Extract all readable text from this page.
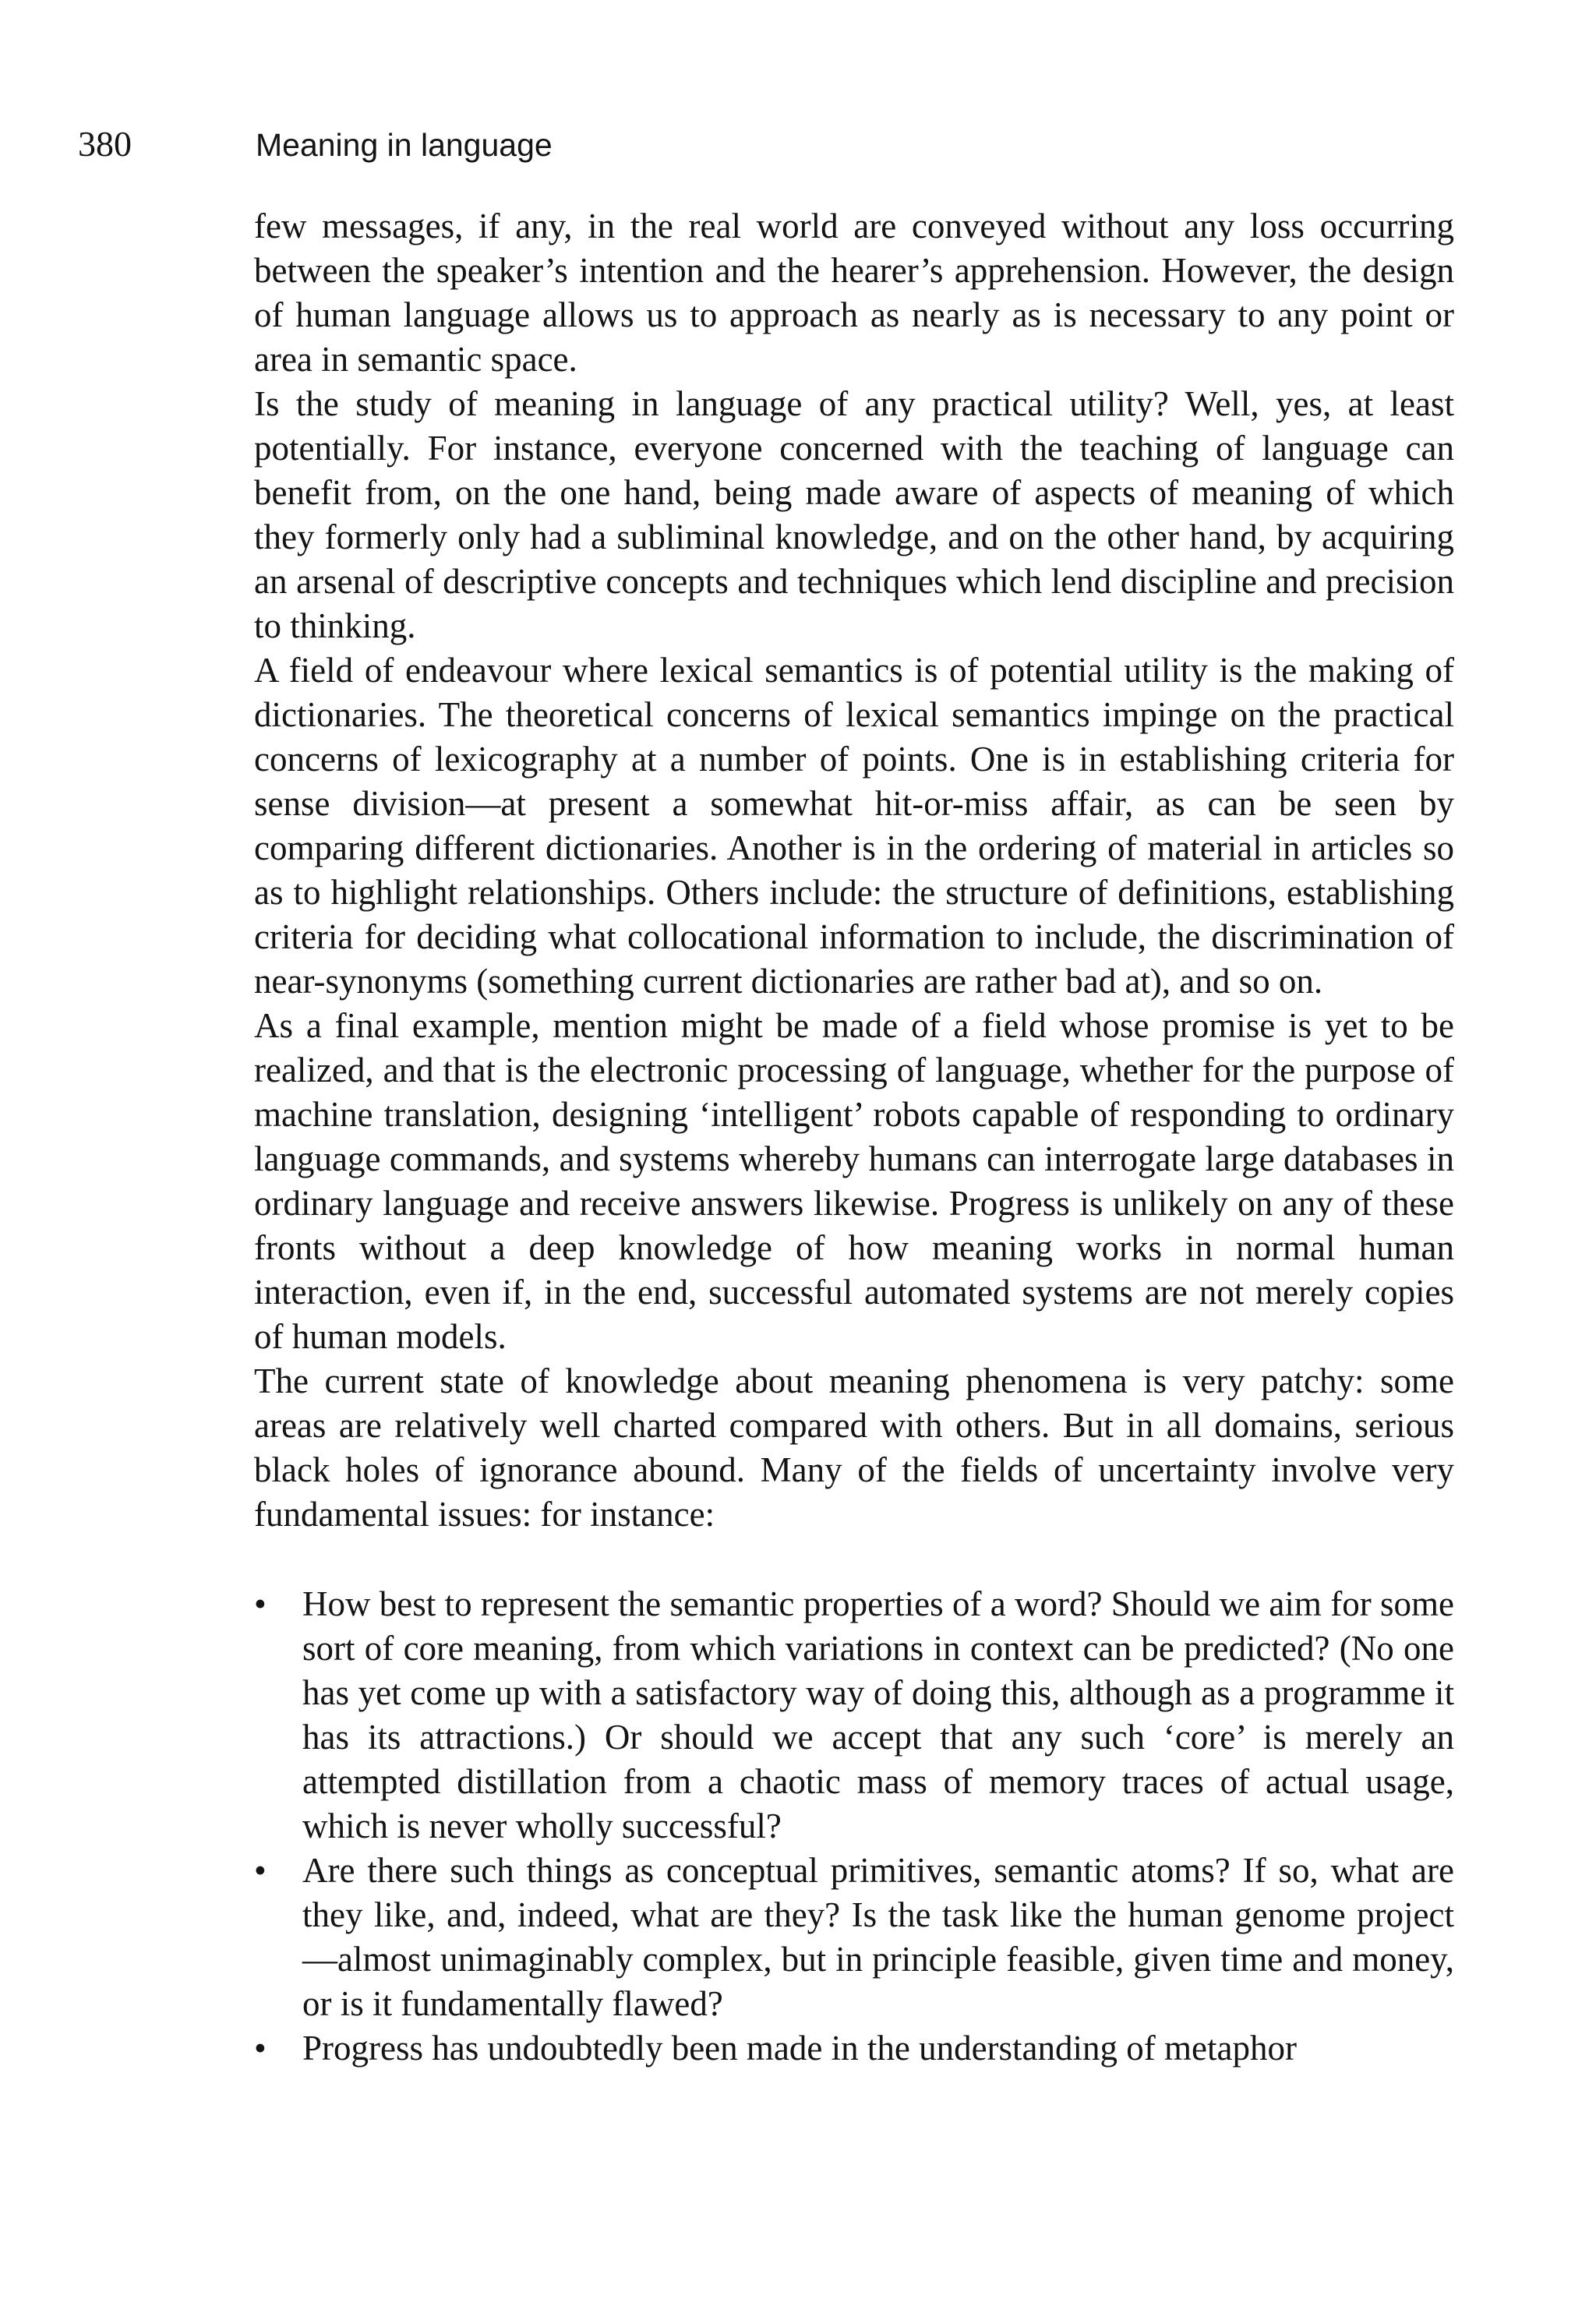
380	Meaning in language

few messages, if any, in the real world are conveyed without any loss occurring between the speaker’s intention and the hearer’s apprehension. However, the design of human language allows us to approach as nearly as is necessary to any point or area in semantic space.

Is the study of meaning in language of any practical utility? Well, yes, at least potentially. For instance, everyone concerned with the teaching of language can benefit from, on the one hand, being made aware of aspects of meaning of which they formerly only had a subliminal knowledge, and on the other hand, by acquiring an arsenal of descriptive concepts and techniques which lend discipline and precision to thinking.

A field of endeavour where lexical semantics is of potential utility is the making of dictionaries. The theoretical concerns of lexical semantics impinge on the practical concerns of lexicography at a number of points. One is in establishing criteria for sense division—at present a somewhat hit-or-miss affair, as can be seen by comparing different dictionaries. Another is in the ordering of material in articles so as to highlight relationships. Others include: the structure of definitions, establishing criteria for deciding what collocational information to include, the discrimination of near-synonyms (something current dictionaries are rather bad at), and so on.

As a final example, mention might be made of a field whose promise is yet to be realized, and that is the electronic processing of language, whether for the purpose of machine translation, designing ‘intelligent’ robots capable of responding to ordinary language commands, and systems whereby humans can interrogate large databases in ordinary language and receive answers likewise. Progress is unlikely on any of these fronts without a deep knowledge of how meaning works in normal human interaction, even if, in the end, successful automated systems are not merely copies of human models.

The current state of knowledge about meaning phenomena is very patchy: some areas are relatively well charted compared with others. But in all domains, serious black holes of ignorance abound. Many of the fields of uncertainty involve very fundamental issues: for instance:

• How best to represent the semantic properties of a word? Should we aim for some sort of core meaning, from which variations in context can be predicted? (No one has yet come up with a satisfactory way of doing this, although as a programme it has its attractions.) Or should we accept that any such ‘core’ is merely an attempted distillation from a chaotic mass of memory traces of actual usage, which is never wholly successful?
• Are there such things as conceptual primitives, semantic atoms? If so, what are they like, and, indeed, what are they? Is the task like the human genome project—almost unimaginably complex, but in principle feasible, given time and money, or is it fundamentally flawed?
• Progress has undoubtedly been made in the understanding of metaphor
